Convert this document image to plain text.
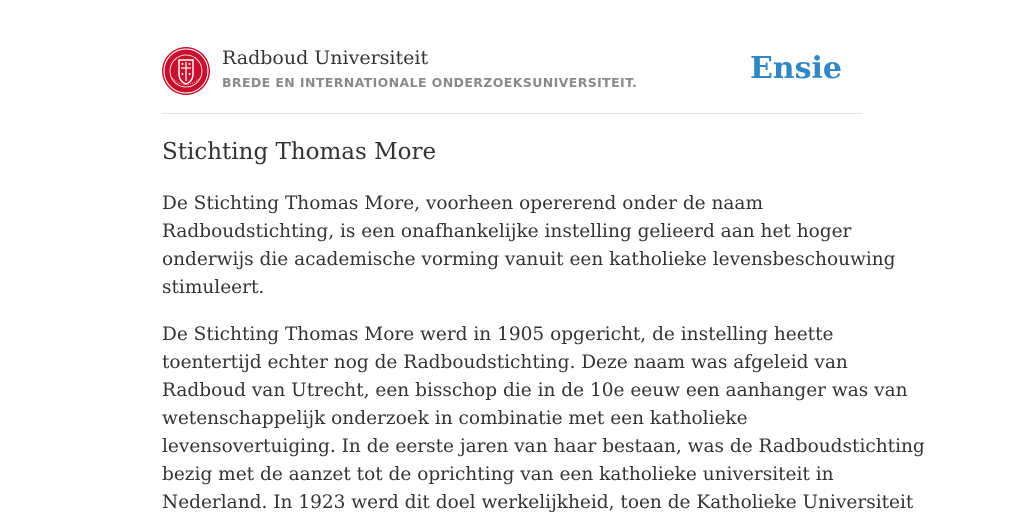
Radboud Universiteit
BREDE EN INTERNATIONALE ONDERZOEKSUNIVERSITEIT.	Ensie
Stichting Thomas More

De Stichting Thomas More, voorheen opererend onder de naam
Radboudstichting, is een onafhankelijke instelling gelieerd aan het hoger
onderwijs die academische vorming vanuit een katholieke levensbeschouwing
stimuleert.

De Stichting Thomas More werd in 1905 opgericht, de instelling heette
toentertijd echter nog de Radboudstichting. Deze naam was afgeleid van
Radboud van Utrecht, een bisschop die in de 10e eeuw een aanhanger was van
wetenschappelijk onderzoek in combinatie met een katholieke
levensovertuiging. In de eerste jaren van haar bestaan, was de Radboudstichting
bezig met de aanzet tot de oprichting van een katholieke universiteit in
Nederland. In 1923 werd dit doel werkelijkheid, toen de Katholieke Universiteit
